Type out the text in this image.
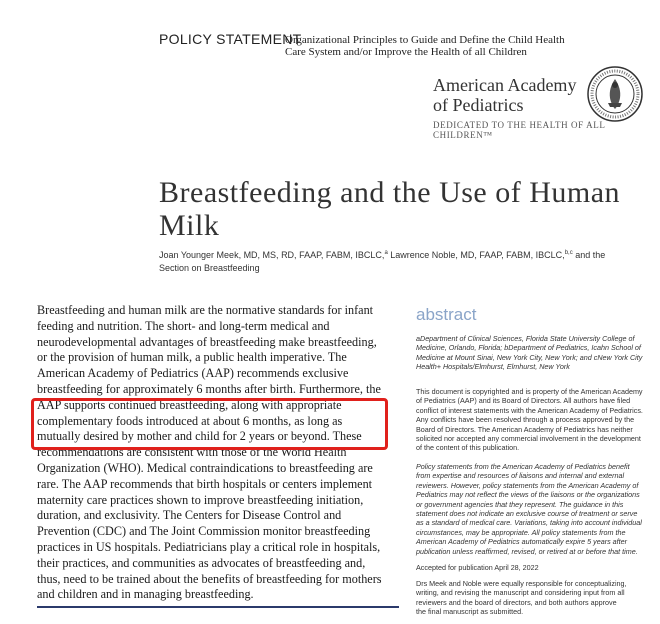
POLICY STATEMENT
Organizational Principles to Guide and Define the Child Health
Care System and/or Improve the Health of all Children
American Academy
of Pediatrics
DEDICATED TO THE HEALTH OF ALL CHILDREN™
Breastfeeding and the Use of Human
Milk
Joan Younger Meek, MD, MS, RD, FAAP, FABM, IBCLC,$^a$ Lawrence Noble, MD, FAAP, FABM, IBCLC,$^{b,c}$ and the
Section on Breastfeeding
Breastfeeding and human milk are the normative standards for infant
feeding and nutrition. The short- and long-term medical and
neurodevelopmental advantages of breastfeeding make breastfeeding,
or the provision of human milk, a public health imperative. The
American Academy of Pediatrics (AAP) recommends exclusive
breastfeeding for approximately 6 months after birth. Furthermore, the
AAP supports continued breastfeeding, along with appropriate
complementary foods introduced at about 6 months, as long as
mutually desired by mother and child for 2 years or beyond. These
recommendations are consistent with those of the World Health
Organization (WHO). Medical contraindications to breastfeeding are
rare. The AAP recommends that birth hospitals or centers implement
maternity care practices shown to improve breastfeeding initiation,
duration, and exclusivity. The Centers for Disease Control and
Prevention (CDC) and The Joint Commission monitor breastfeeding
practices in US hospitals. Pediatricians play a critical role in hospitals,
their practices, and communities as advocates of breastfeeding and,
thus, need to be trained about the benefits of breastfeeding for mothers
and children and in managing breastfeeding.
abstract
aDepartment of Clinical Sciences, Florida State University College of
Medicine, Orlando, Florida; bDepartment of Pediatrics, Icahn School of
Medicine at Mount Sinai, New York City, New York; and cNew York City
Health+ Hospitals/Elmhurst, Elmhurst, New York
This document is copyrighted and is property of the American Academy
of Pediatrics (AAP) and its Board of Directors. All authors have filed
conflict of interest statements with the American Academy of Pediatrics.
Any conflicts have been resolved through a process approved by the
Board of Directors. The American Academy of Pediatrics has neither
solicited nor accepted any commercial involvement in the development
of the content of this publication.
Policy statements from the American Academy of Pediatrics benefit
from expertise and resources of liaisons and internal and external
reviewers. However, policy statements from the American Academy of
Pediatrics may not reflect the views of the liaisons or the organizations
or government agencies that they represent. The guidance in this
statement does not indicate an exclusive course of treatment or serve
as a standard of medical care. Variations, taking into account individual
circumstances, may be appropriate. All policy statements from the
American Academy of Pediatrics automatically expire 5 years after
publication unless reaffirmed, revised, or retired at or before that time.
Accepted for publication April 28, 2022
Drs Meek and Noble were equally responsible for conceptualizing,
writing, and revising the manuscript and considering input from all
reviewers and the board of directors, and both authors approve
the final manuscript as submitted.
